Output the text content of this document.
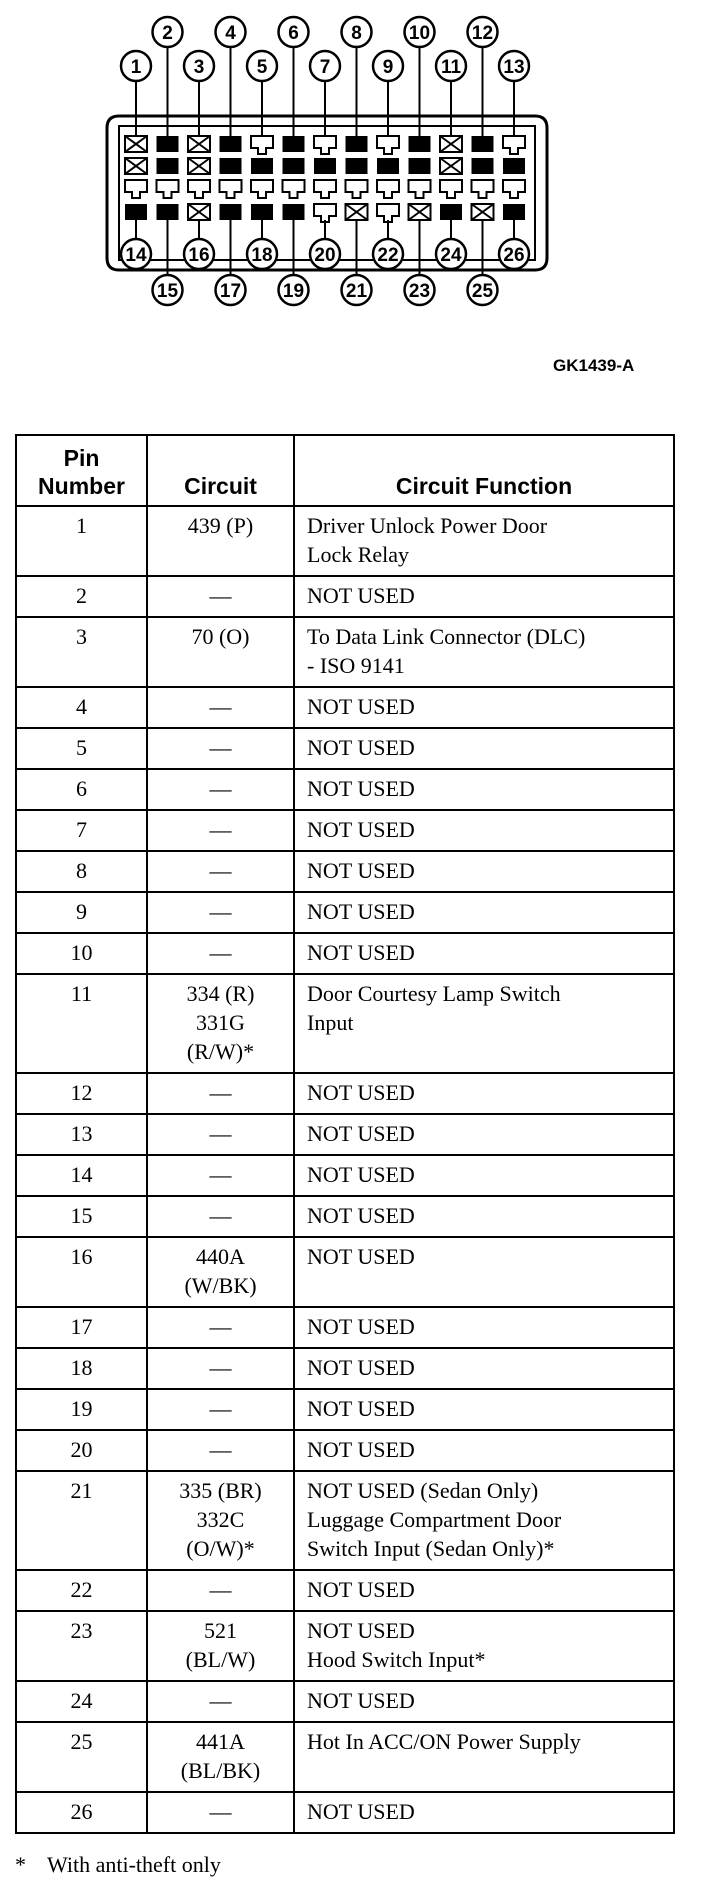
1
2
3
4
5
6
7
8
9
10
11
12
13
14
15
16
17
18
19
20
21
22
23
24
25
26
GK1439-A
Pin
Number	Circuit	Circuit Function
1	439 (P)	Driver Unlock Power Door
Lock Relay

2	—	NOT USED

3	70 (O)	To Data Link Connector (DLC)
- ISO 9141

4	—	NOT USED

5	—	NOT USED

6	—	NOT USED

7	—	NOT USED

8	—	NOT USED

9	—	NOT USED

10	—	NOT USED

11	334 (R)
331G
(R/W)*	Door Courtesy Lamp Switch
Input

12	—	NOT USED

13	—	NOT USED

14	—	NOT USED

15	—	NOT USED

16	440A
(W/BK)	NOT USED

17	—	NOT USED

18	—	NOT USED

19	—	NOT USED

20	—	NOT USED

21	335 (BR)
332C
(O/W)*	NOT USED (Sedan Only)
Luggage Compartment Door
Switch Input (Sedan Only)*

22	—	NOT USED

23	521
(BL/W)	NOT USED
Hood Switch Input*

24	—	NOT USED

25	441A
(BL/BK)	Hot In ACC/ON Power Supply

26	—	NOT USED
* With anti-theft only
